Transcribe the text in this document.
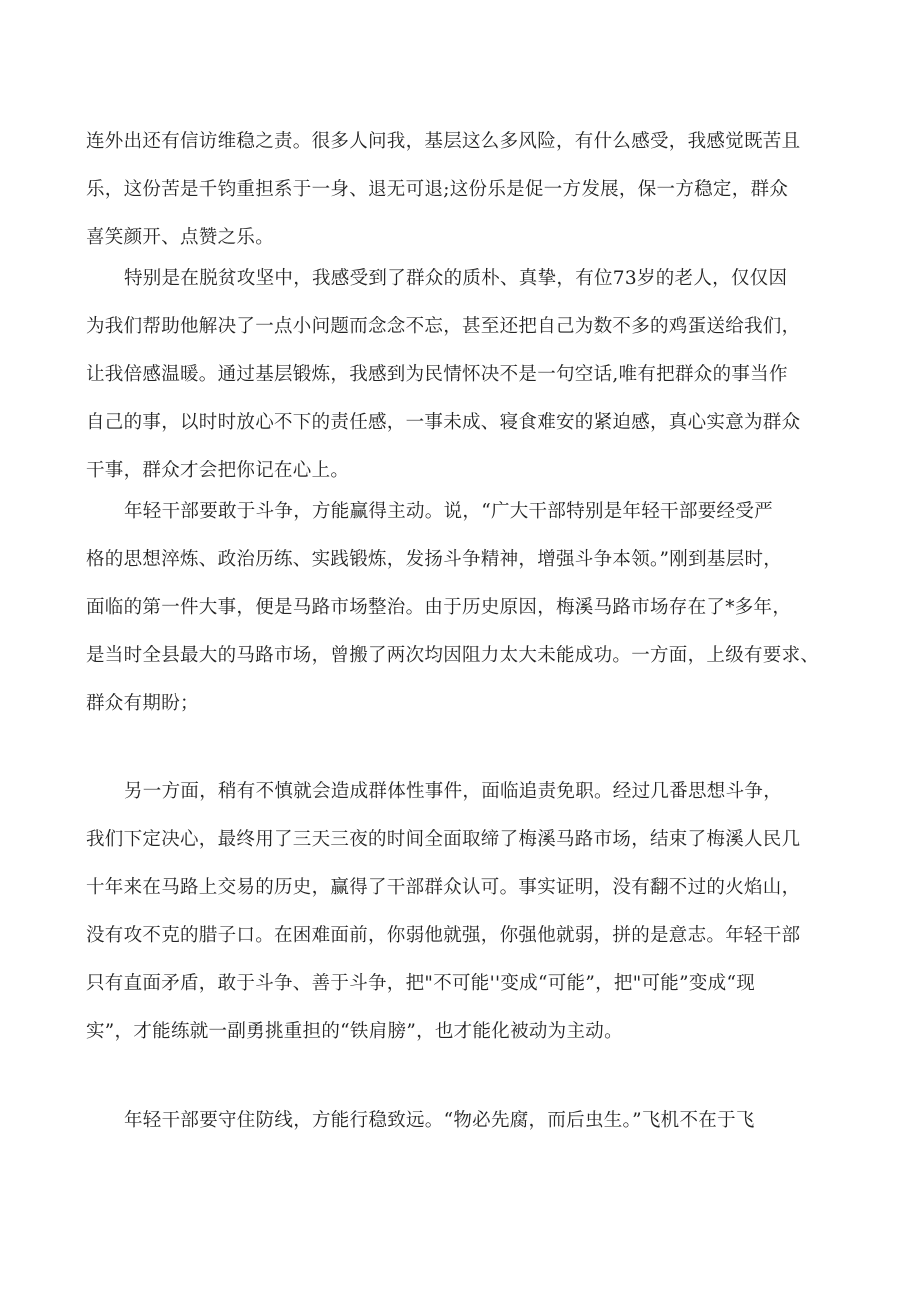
连外出还有信访维稳之责。很多人问我，基层这么多风险，有什么感受，我感觉既苦且
乐，这份苦是千钧重担系于一身、退无可退;这份乐是促一方发展，保一方稳定，群众
喜笑颜开、点赞之乐。
特别是在脱贫攻坚中，我感受到了群众的质朴、真挚，有位73岁的老人，仅仅因
为我们帮助他解决了一点小问题而念念不忘，甚至还把自己为数不多的鸡蛋送给我们，
让我倍感温暖。通过基层锻炼，我感到为民情怀决不是一句空话,唯有把群众的事当作
自己的事，以时时放心不下的责任感，一事未成、寝食难安的紧迫感，真心实意为群众
干事，群众才会把你记在心上。
年轻干部要敢于斗争，方能赢得主动。说，“广大干部特别是年轻干部要经受严
格的思想淬炼、政治历练、实践锻炼，发扬斗争精神，增强斗争本领。”刚到基层时，
面临的第一件大事，便是马路市场整治。由于历史原因，梅溪马路市场存在了*多年，
是当时全县最大的马路市场，曾搬了两次均因阻力太大未能成功。一方面，上级有要求、
群众有期盼；
另一方面，稍有不慎就会造成群体性事件，面临追责免职。经过几番思想斗争，
我们下定决心，最终用了三天三夜的时间全面取缔了梅溪马路市场，结束了梅溪人民几
十年来在马路上交易的历史，赢得了干部群众认可。事实证明，没有翻不过的火焰山，
没有攻不克的腊子口。在困难面前，你弱他就强，你强他就弱，拼的是意志。年轻干部
只有直面矛盾，敢于斗争、善于斗争，把"不可能''变成“可能”，把"可能”变成“现
实”，才能练就一副勇挑重担的“铁肩膀”，也才能化被动为主动。
年轻干部要守住防线，方能行稳致远。“物必先腐，而后虫生。”飞机不在于飞
